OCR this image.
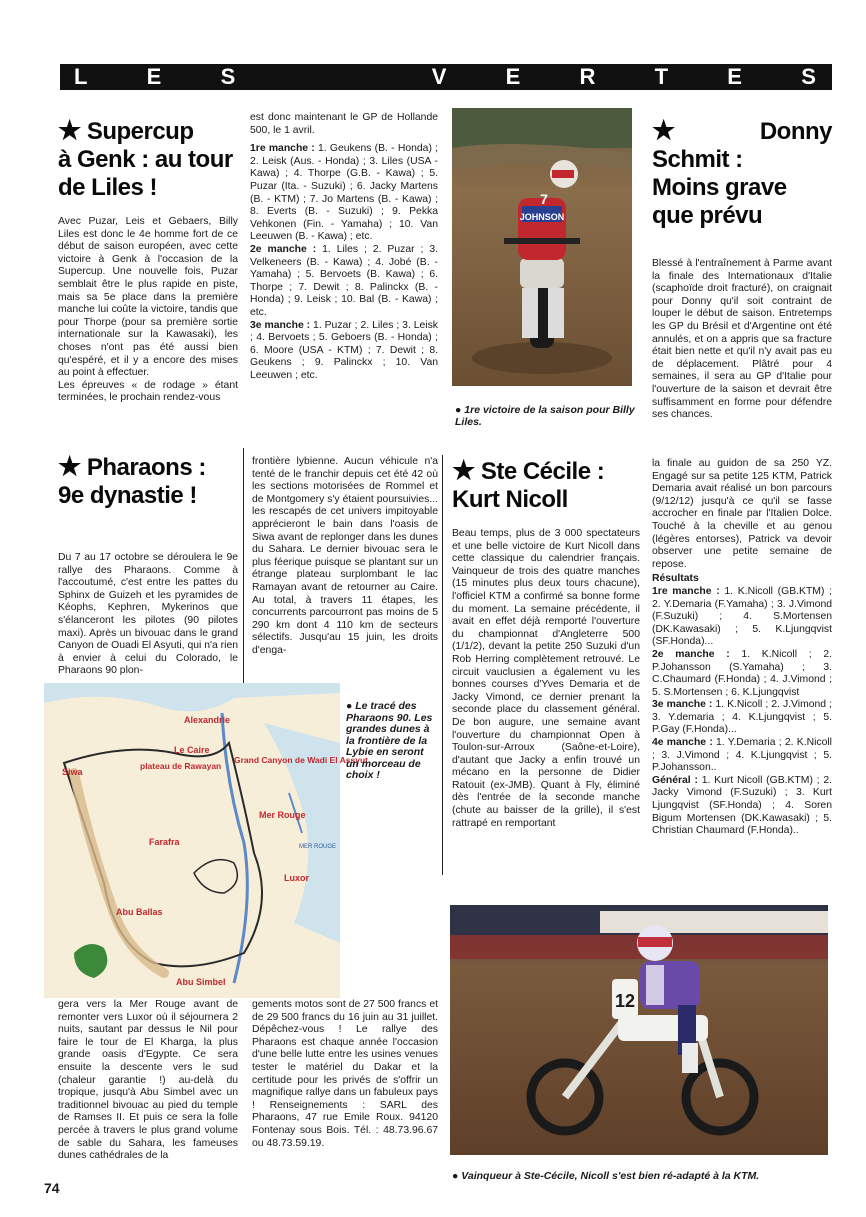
L	E	S	V	E	R	T	E	S
★ Supercup
à Genk : au tour
de Liles !
Avec Puzar, Leis et Gebaers, Billy Liles est donc le 4e homme fort de ce début de saison européen, avec cette victoire à Genk à l'occasion de la Supercup. Une nouvelle fois, Puzar semblait être le plus rapide en piste, mais sa 5e place dans la première manche lui coûte la victoire, tandis que pour Thorpe (pour sa première sortie internationale sur la Kawasaki), les choses n'ont pas été aussi bien qu'espéré, et il y a encore des mises au point à effectuer.
Les épreuves « de rodage » étant terminées, le prochain rendez-vous
est donc maintenant le GP de Hollande 500, le 1 avril.
1re manche : 1. Geukens (B. - Honda) ; 2. Leisk (Aus. - Honda) ; 3. Liles (USA - Kawa) ; 4. Thorpe (G.B. - Kawa) ; 5. Puzar (Ita. - Suzuki) ; 6. Jacky Martens (B. - KTM) ; 7. Jo Martens (B. - Kawa) ; 8. Everts (B. - Suzuki) ; 9. Pekka Vehkonen (Fin. - Yamaha) ; 10. Van Leeuwen (B. - Kawa) ; etc.
2e manche : 1. Liles ; 2. Puzar ; 3. Velkeneers (B. - Kawa) ; 4. Jobé (B. - Yamaha) ; 5. Bervoets (B. Kawa) ; 6. Thorpe ; 7. Dewit ; 8. Palinckx (B. - Honda) ; 9. Leisk ; 10. Bal (B. - Kawa) ; etc.
3e manche : 1. Puzar ; 2. Liles ; 3. Leisk ; 4. Bervoets ; 5. Geboers (B. - Honda) ; 6. Moore (USA - KTM) ; 7. Dewit ; 8. Geukens ; 9. Palinckx ; 10. Van Leeuwen ; etc.
JOHNSON
7
● 1re victoire de la saison pour Billy Liles.
★ Donny Schmit :
Moins grave
que prévu
Blessé à l'entraînement à Parme avant la finale des Internationaux d'Italie (scaphoïde droit fracturé), on craignait pour Donny qu'il soit contraint de louper le début de saison. Entretemps les GP du Brésil et d'Argentine ont été annulés, et on a appris que sa fracture était bien nette et qu'il n'y avait pas eu de déplacement. Plâtré pour 4 semaines, il sera au GP d'Italie pour l'ouverture de la saison et devrait être suffisamment en forme pour défendre ses chances.
★ Pharaons :
9e dynastie !
Du 7 au 17 octobre se déroulera le 9e rallye des Pharaons. Comme à l'accoutumé, c'est entre les pattes du Sphinx de Guizeh et les pyramides de Kéophs, Kephren, Mykerinos que s'élanceront les pilotes (90 pilotes maxi). Après un bivouac dans le grand Canyon de Ouadi El Asyuti, qui n'a rien à envier à celui du Colorado, le Pharaons 90 plon-
frontière lybienne. Aucun véhicule n'a tenté de le franchir depuis cet été 42 où les sections motorisées de Rommel et de Montgomery s'y étaient poursuivies... les rescapés de cet univers impitoyable apprécieront le bain dans l'oasis de Siwa avant de replonger dans les dunes du Sahara. Le dernier bivouac sera le plus féerique puisque se plantant sur un étrange plateau surplombant le lac Ramayan avant de retourner au Caire. Au total, à travers 11 étapes, les concurrents parcourront pas moins de 5 290 km dont 4 110 km de secteurs sélectifs. Jusqu'au 15 juin, les droits d'enga-
Alexandrie
Le Caire
Siwa
plateau de Rawayan
Grand Canyon de Wadi El Assyut
Mer Rouge
MER ROUGE
Farafra
Luxor
Abu Ballas
Abu Simbel
● Le tracé des Pharaons 90. Les grandes dunes à la frontière de la Lybie en seront un morceau de choix !
gera vers la Mer Rouge avant de remonter vers Luxor où il séjournera 2 nuits, sautant par dessus le Nil pour faire le tour de El Kharga, la plus grande oasis d'Egypte. Ce sera ensuite la descente vers le sud (chaleur garantie !) au-delà du tropique, jusqu'à Abu Simbel avec un traditionnel bivouac au pied du temple de Ramses II. Et puis ce sera la folle percée à travers le plus grand volume de sable du Sahara, les fameuses dunes cathédrales de la
gements motos sont de 27 500 francs et de 29 500 francs du 16 juin au 31 juillet. Dépêchez-vous ! Le rallye des Pharaons est chaque année l'occasion d'une belle lutte entre les usines venues tester le matériel du Dakar et la certitude pour les privés de s'offrir un magnifique rallye dans un fabuleux pays ! Renseignements : SARL des Pharaons, 47 rue Emile Roux. 94120 Fontenay sous Bois. Tél. : 48.73.96.67 ou 48.73.59.19.
★ Ste Cécile :
Kurt Nicoll
Beau temps, plus de 3 000 spectateurs et une belle victoire de Kurt Nicoll dans cette classique du calendrier français. Vainqueur de trois des quatre manches (15 minutes plus deux tours chacune), l'officiel KTM a confirmé sa bonne forme du moment. La semaine précédente, il avait en effet déjà remporté l'ouverture du championnat d'Angleterre 500 (1/1/2), devant la petite 250 Suzuki d'un Rob Herring complètement retrouvé. Le circuit vauclusien a également vu les bonnes courses d'Yves Demaria et de Jacky Vimond, ce dernier prenant la seconde place du classement général. De bon augure, une semaine avant l'ouverture du championnat Open à Toulon-sur-Arroux (Saône-et-Loire), d'autant que Jacky a enfin trouvé un mécano en la personne de Didier Ratouit (ex-JMB). Quant à Fly, éliminé dès l'entrée de la seconde manche (chute au baisser de la grille), il s'est rattrapé en remportant
la finale au guidon de sa 250 YZ. Engagé sur sa petite 125 KTM, Patrick Demaria avait réalisé un bon parcours (9/12/12) jusqu'à ce qu'il se fasse accrocher en finale par l'Italien Dolce. Touché à la cheville et au genou (légères entorses), Patrick va devoir observer une petite semaine de repose.
Résultats
1re manche : 1. K.Nicoll (GB.KTM) ; 2. Y.Demaria (F.Yamaha) ; 3. J.Vimond (F.Suzuki) ; 4. S.Mortensen (DK.Kawasaki) ; 5. K.Ljungqvist (SF.Honda)...
2e manche : 1. K.Nicoll ; 2. P.Johansson (S.Yamaha) ; 3. C.Chaumard (F.Honda) ; 4. J.Vimond ; 5. S.Mortensen ; 6. K.Ljungqvist
3e manche : 1. K.Nicoll ; 2. J.Vimond ; 3. Y.demaria ; 4. K.Ljungqvist ; 5. P.Gay (F.Honda)...
4e manche : 1. Y.Demaria ; 2. K.Nicoll ; 3. J.Vimond ; 4. K.Ljungqvist ; 5. P.Johansson..
Général : 1. Kurt Nicoll (GB.KTM) ; 2. Jacky Vimond (F.Suzuki) ; 3. Kurt Ljungqvist (SF.Honda) ; 4. Soren Bigum Mortensen (DK.Kawasaki) ; 5. Christian Chaumard (F.Honda)..
12
● Vainqueur à Ste-Cécile, Nicoll s'est bien ré-adapté à la KTM.
74
